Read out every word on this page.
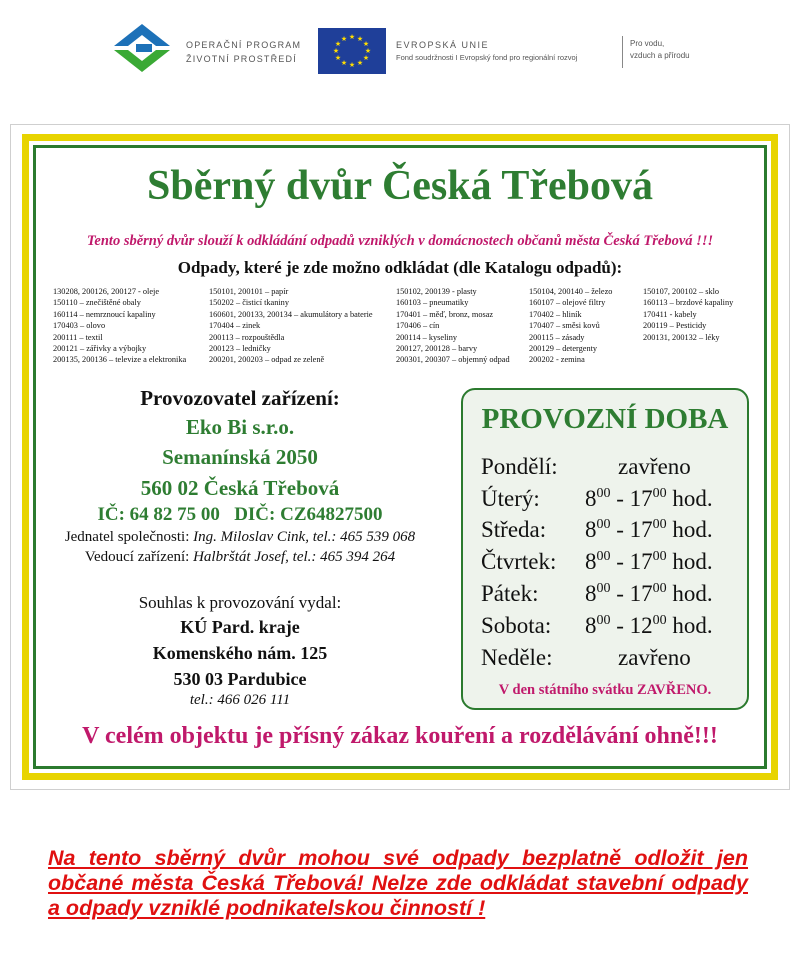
OPERAČNÍ PROGRAM
ŽIVOTNÍ PROSTŘEDÍ
★ ★
★
★
★
★
★
★
★
★
★
★
EVROPSKÁ UNIE
Fond soudržnosti I Evropský fond pro regionální rozvoj
Pro vodu,
vzduch a přírodu
Sběrný dvůr Česká Třebová
Tento sběrný dvůr slouží k odkládání odpadů vzniklých v domácnostech občanů města Česká Třebová !!!
Odpady, které je zde možno odkládat (dle Katalogu odpadů):
130208, 200126, 200127 - oleje
150110 – znečištěné obaly
160114 – nemrznoucí kapaliny
170403 – olovo
200111 – textil
200121 – zářivky a výbojky
200135, 200136 – televize a elektronika
150101, 200101 – papír
150202 – čisticí tkaniny
160601, 200133, 200134 – akumulátory a baterie
170404 – zinek
200113 – rozpouštědla
200123 – ledničky
200201, 200203 – odpad ze zeleně
150102, 200139 - plasty
160103 – pneumatiky
170401 – měď, bronz, mosaz
170406 – cín
200114 – kyseliny
200127, 200128 – barvy
200301, 200307 – objemný odpad
150104, 200140 – železo
160107 – olejové filtry
170402 – hliník
170407 – směsi kovů
200115 – zásady
200129 – detergenty
200202 - zemina
150107, 200102 – sklo
160113 – brzdové kapaliny
170411 - kabely
200119 – Pesticidy
200131, 200132 – léky
Provozovatel zařízení:
Eko Bi s.r.o.
Semanínská 2050
560 02 Česká Třebová
IČ: 64 82 75 00 DIČ: CZ64827500
Jednatel společnosti: Ing. Miloslav Cink, tel.: 465 539 068
Vedoucí zařízení: Halbrštát Josef, tel.: 465 394 264
Souhlas k provozování vydal:
KÚ Pard. kraje
Komenského nám. 125
530 03 Pardubice
tel.: 466 026 111
PROVOZNÍ DOBA
Pondělí:	zavřeno
Úterý: $8^{00} - 17^{00}$ hod.
Středa: $8^{00} - 17^{00}$ hod.
Čtvrtek: $8^{00} - 17^{00}$ hod.
Pátek: $8^{00} - 17^{00}$ hod.
Sobota: $8^{00} - 12^{00}$ hod.
Neděle:	zavřeno
V den státního svátku ZAVŘENO.
V celém objektu je přísný zákaz kouření a rozdělávání ohně!!!
Na tento sběrný dvůr mohou své odpady bezplatně odložit jen občané města Česká Třebová! Nelze zde odkládat stavební odpady a odpady vzniklé podnikatelskou činností !
